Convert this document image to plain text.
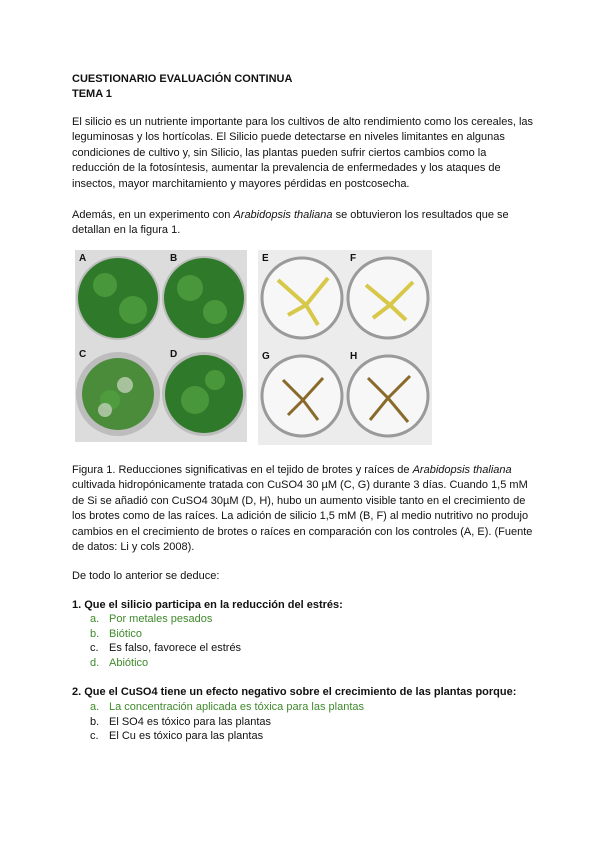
CUESTIONARIO EVALUACIÓN CONTINUA
TEMA 1
El silicio es un nutriente importante para los cultivos de alto rendimiento como los cereales, las leguminosas y los hortícolas. El Silicio puede detectarse en niveles limitantes en algunas condiciones de cultivo y, sin Silicio, las plantas pueden sufrir ciertos cambios como la reducción de la fotosíntesis, aumentar la prevalencia de enfermedades y los ataques de insectos, mayor marchitamiento y mayores pérdidas en postcosecha.
Además, en un experimento con Arabidopsis thaliana se obtuvieron los resultados que se detallan en la figura 1.
A	B
C	D
E	F
G	H
Figura 1. Reducciones significativas en el tejido de brotes y raíces de Arabidopsis thaliana cultivada hidropónicamente tratada con CuSO4 30 µM (C, G) durante 3 días. Cuando 1,5 mM de Si se añadió con CuSO4 30µM (D, H), hubo un aumento visible tanto en el crecimiento de los brotes como de las raíces. La adición de silicio 1,5 mM (B, F) al medio nutritivo no produjo cambios en el crecimiento de brotes o raíces en comparación con los controles (A, E). (Fuente de datos: Li y cols 2008).
De todo lo anterior se deduce:
1. Que el silicio participa en la reducción del estrés:
a. Por metales pesados
b. Biótico
c. Es falso, favorece el estrés
d. Abiótico
2. Que el CuSO4 tiene un efecto negativo sobre el crecimiento de las plantas porque:
a. La concentración aplicada es tóxica para las plantas
b. El SO4 es tóxico para las plantas
c. El Cu es tóxico para las plantas
